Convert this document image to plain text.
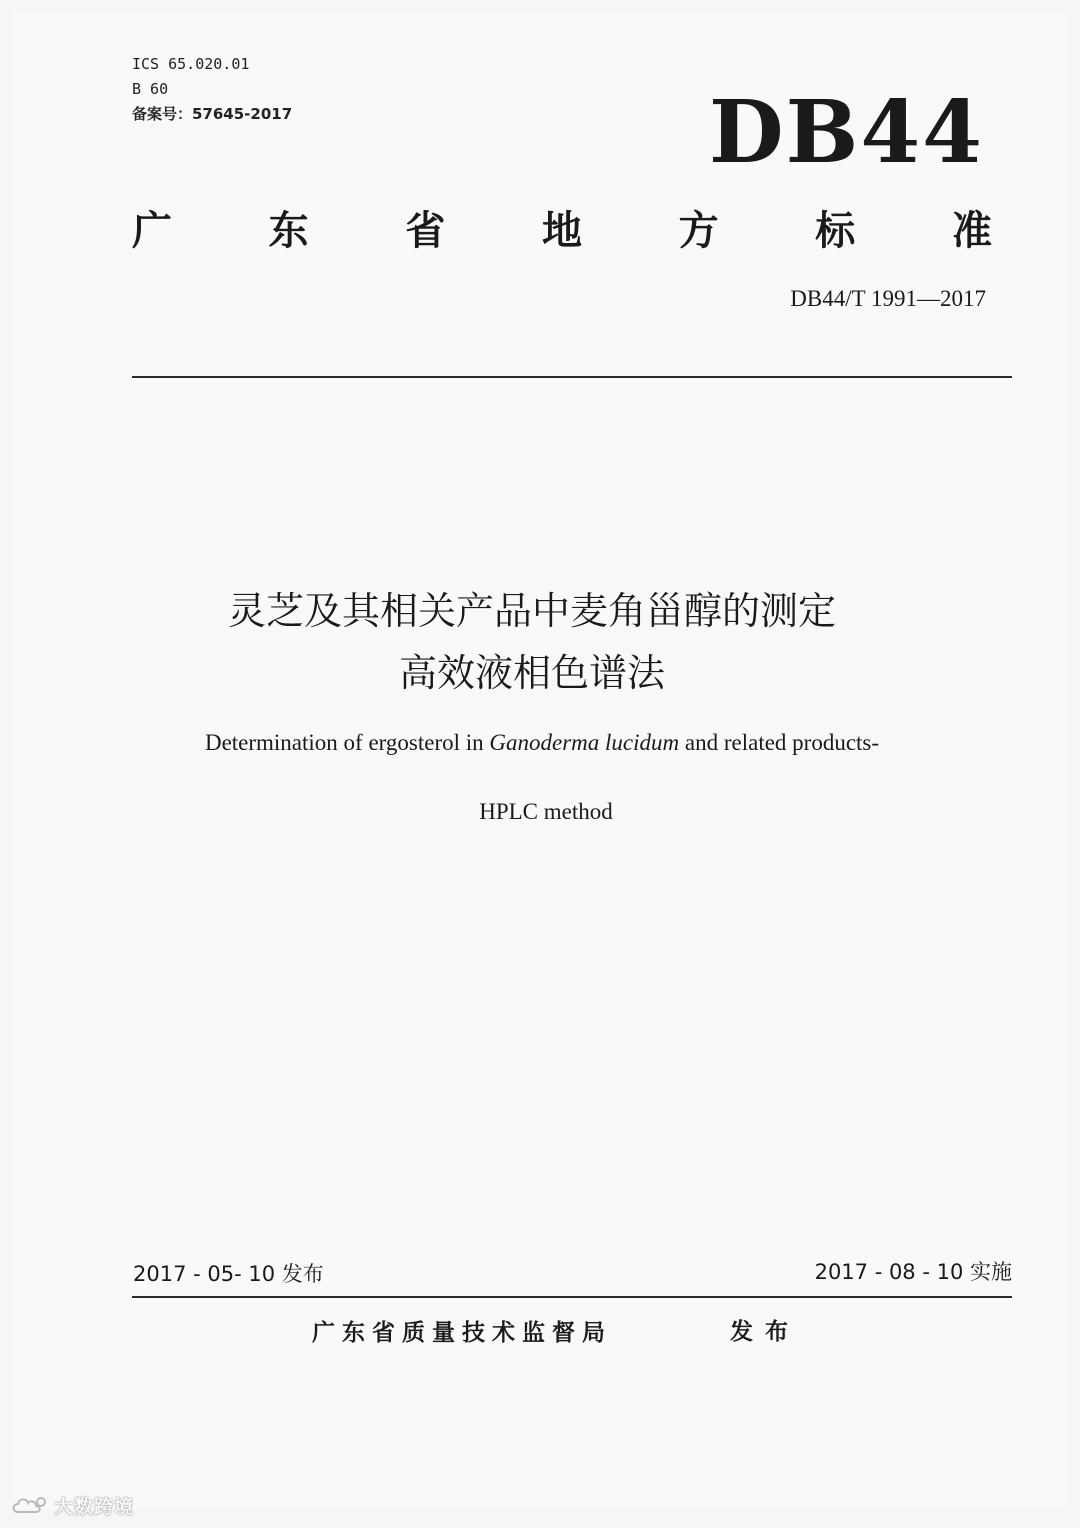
ICS 65.020.01
B 60
备案号：57645-2017	DB44
广 东 省 地 方 标 准
DB44/T 1991—2017
灵芝及其相关产品中麦角甾醇的测定
高效液相色谱法
Determination of ergosterol in Ganoderma lucidum and related products-
HPLC method
2017 - 05- 10 发布	2017 - 08 - 10 实施
广东省质量技术监督局	发布
大数跨境
